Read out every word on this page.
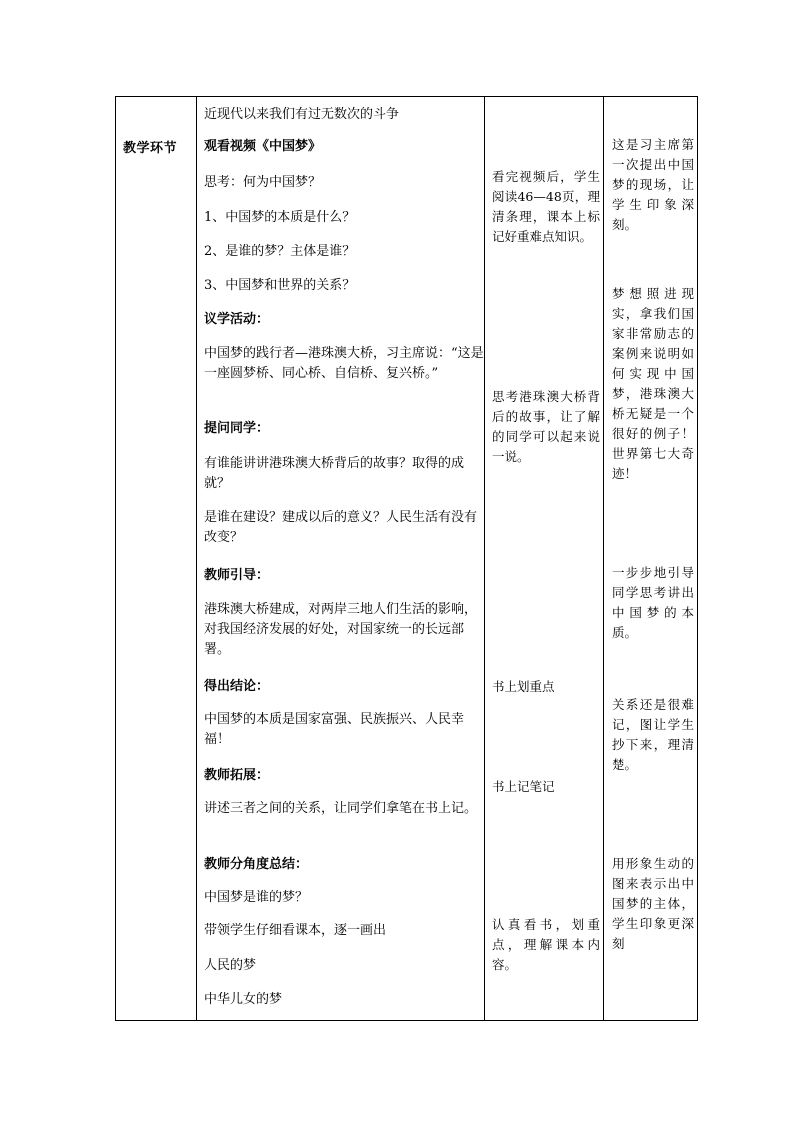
教学环节

近现代以来我们有过无数次的斗争

观看视频《中国梦》

思考：何为中国梦？

1、中国梦的本质是什么？

2、是谁的梦？主体是谁？

3、中国梦和世界的关系？

议学活动：

中国梦的践行者—港珠澳大桥，习主席说：“这是一座圆梦桥、同心桥、自信桥、复兴桥。”

提问同学：

有谁能讲讲港珠澳大桥背后的故事？取得的成就？

是谁在建设？建成以后的意义？人民生活有没有改变？

教师引导：

港珠澳大桥建成，对两岸三地人们生活的影响，对我国经济发展的好处，对国家统一的长远部署。

得出结论：

中国梦的本质是国家富强、民族振兴、人民幸福！

教师拓展：

讲述三者之间的关系，让同学们拿笔在书上记。

教师分角度总结：

中国梦是谁的梦？

带领学生仔细看课本，逐一画出

人民的梦

中华儿女的梦

看完视频后，学生阅读46—48页，理清条理，课本上标记好重难点知识。
思考港珠澳大桥背后的故事，让了解的同学可以起来说一说。
书上划重点
书上记笔记
认真看书，划重点，理解课本内容。
这是习主席第一次提出中国梦的现场，让学生印象深刻。
梦想照进现实，拿我们国家非常励志的案例来说明如何实现中国梦，港珠澳大桥无疑是一个很好的例子！世界第七大奇迹！
一步步地引导同学思考讲出中国梦的本质。
关系还是很难记，图让学生抄下来，理清楚。
用形象生动的图来表示出中国梦的主体，学生印象更深刻
